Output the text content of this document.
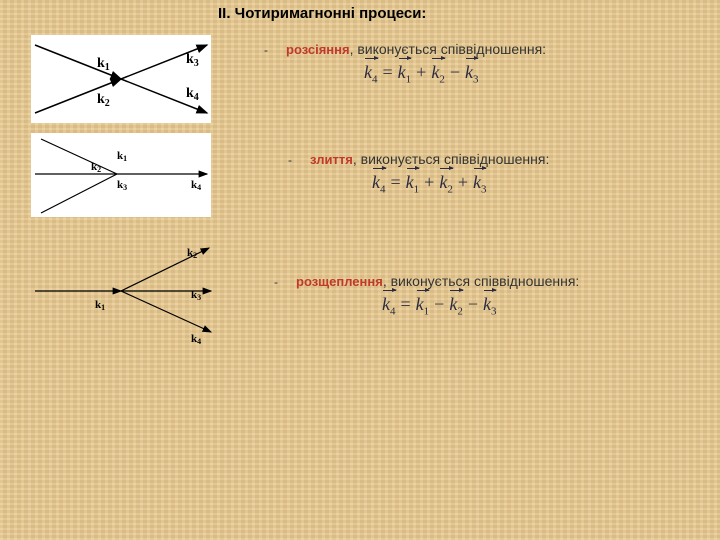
II. Чотиримагнонні процеси:
$k_1$
$k_2$
$k_3$
$k_4$
k1
k2
k3	k4
k1
k2
k3
k4
- розсіяння, виконується співвідношення:
$k_4 = k_1 + k_2 - k_3$
- злиття, виконується співвідношення:
$k_4 = k_1 + k_2 + k_3$
- розщеплення, виконується співвідношення:
$k_4 = k_1 - k_2 - k_3$
